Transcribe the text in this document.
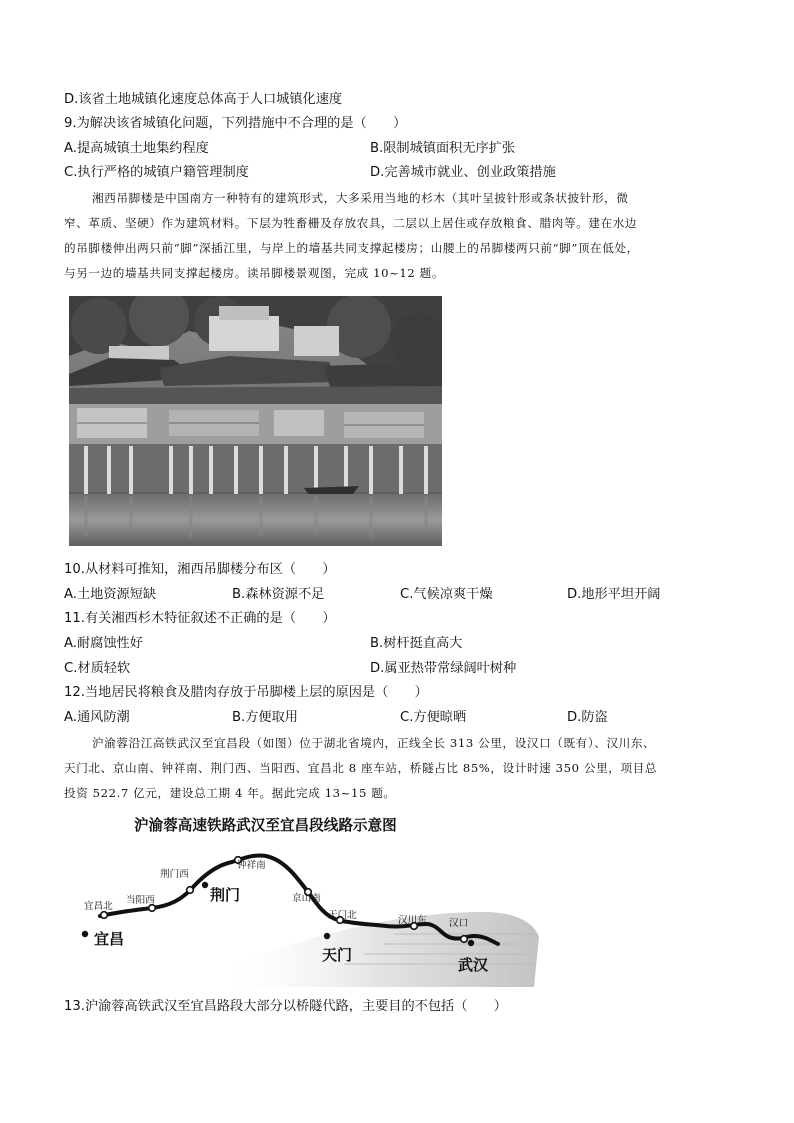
D.该省土地城镇化速度总体高于人口城镇化速度
9.为解决该省城镇化问题，下列措施中不合理的是（　　）
A.提高城镇土地集约程度	B.限制城镇面积无序扩张
C.执行严格的城镇户籍管理制度	D.完善城市就业、创业政策措施
湘西吊脚楼是中国南方一种特有的建筑形式，大多采用当地的杉木（其叶呈披针形或条状披针形，微
窄、革质、坚硬）作为建筑材料。下层为牲畜栅及存放农具，二层以上居住或存放粮食、腊肉等。建在水边
的吊脚楼伸出两只前“脚”深插江里，与岸上的墙基共同支撑起楼房；山腰上的吊脚楼两只前“脚”顶在低处，
与另一边的墙基共同支撑起楼房。读吊脚楼景观图，完成 10~12 题。
10.从材料可推知，湘西吊脚楼分布区（　　）
A.土地资源短缺	B.森林资源不足	C.气候凉爽干燥	D.地形平坦开阔
11.有关湘西杉木特征叙述不正确的是（　　）
A.耐腐蚀性好	B.树杆挺直高大
C.材质轻软	D.属亚热带常绿阔叶树种
12.当地居民将粮食及腊肉存放于吊脚楼上层的原因是（　　）
A.通风防潮	B.方便取用	C.方便晾晒	D.防盗
沪渝蓉沿江高铁武汉至宜昌段（如图）位于湖北省境内，正线全长 313 公里，设汉口（既有）、汉川东、
天门北、京山南、钟祥南、荆门西、当阳西、宜昌北 8 座车站，桥隧占比 85%，设计时速 350 公里，项目总
投资 522.7 亿元，建设总工期 4 年。据此完成 13~15 题。
沪渝蓉高速铁路武汉至宜昌段线路示意图
宜昌北
当阳西
荆门西
钟祥南
京山南
天门北	汉川东 汉口
宜昌
荆门
天门
武汉
13.沪渝蓉高铁武汉至宜昌路段大部分以桥隧代路，主要目的不包括（　　）
